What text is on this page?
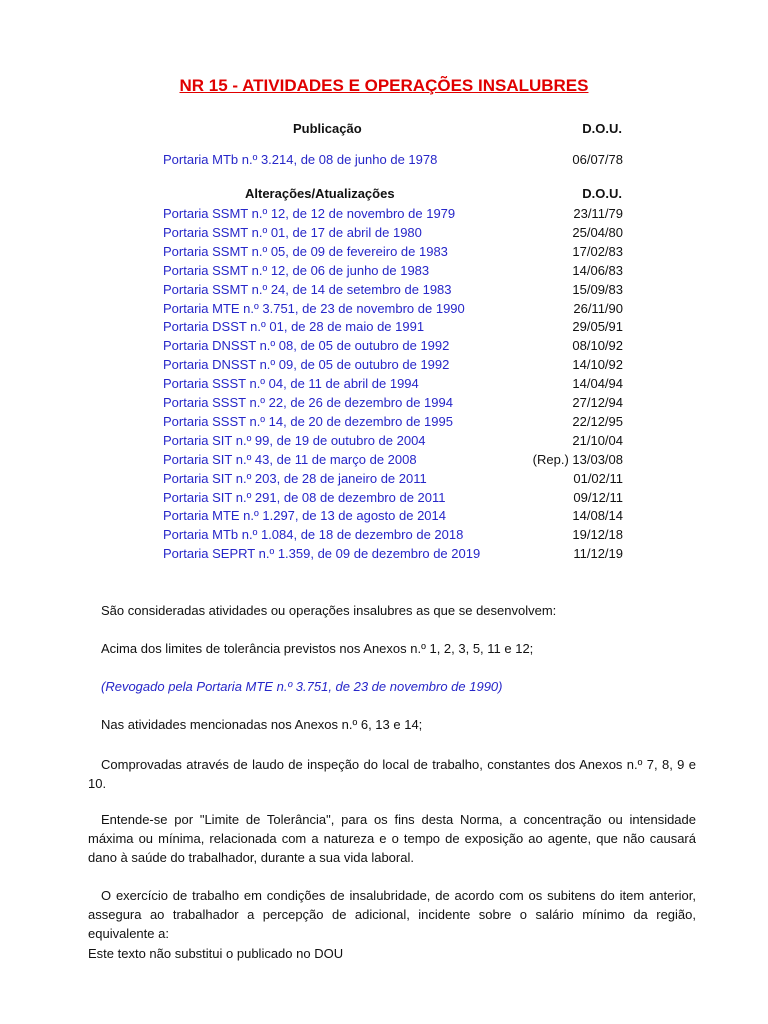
NR 15 - ATIVIDADES E OPERAÇÕES INSALUBRES
Publicação	D.O.U.
Portaria MTb n.º 3.214, de 08 de junho de 1978	06/07/78
Alterações/Atualizações	D.O.U.
Portaria SSMT n.º 12, de 12 de novembro de 1979	23/11/79
Portaria SSMT n.º 01, de 17 de abril de 1980	25/04/80
Portaria SSMT n.º 05, de 09 de fevereiro de 1983	17/02/83
Portaria SSMT n.º 12, de 06 de junho de 1983	14/06/83
Portaria SSMT n.º 24, de 14 de setembro de 1983	15/09/83
Portaria MTE n.º 3.751, de 23 de novembro de 1990	26/11/90
Portaria DSST n.º 01, de 28 de maio de 1991	29/05/91
Portaria DNSST n.º 08, de 05 de outubro de 1992	08/10/92
Portaria DNSST n.º 09, de 05 de outubro de 1992	14/10/92
Portaria SSST n.º 04, de 11 de abril de 1994	14/04/94
Portaria SSST n.º 22, de 26 de dezembro de 1994	27/12/94
Portaria SSST n.º 14, de 20 de dezembro de 1995	22/12/95
Portaria SIT n.º 99, de 19 de outubro de 2004	21/10/04
Portaria SIT n.º 43, de 11 de março de 2008	(Rep.) 13/03/08
Portaria SIT n.º 203, de 28 de janeiro de 2011	01/02/11
Portaria SIT n.º 291, de 08 de dezembro de 2011	09/12/11
Portaria MTE n.º 1.297, de 13 de agosto de 2014	14/08/14
Portaria MTb n.º 1.084, de 18 de dezembro de 2018	19/12/18
Portaria SEPRT n.º 1.359, de 09 de dezembro de 2019	11/12/19
São consideradas atividades ou operações insalubres as que se desenvolvem:
Acima dos limites de tolerância previstos nos Anexos n.º 1, 2, 3, 5, 11 e 12;
(Revogado pela Portaria MTE n.º 3.751, de 23 de novembro de 1990)
Nas atividades mencionadas nos Anexos n.º 6, 13 e 14;
Comprovadas através de laudo de inspeção do local de trabalho, constantes dos Anexos n.º 7, 8, 9 e 10.
Entende-se por "Limite de Tolerância", para os fins desta Norma, a concentração ou intensidade máxima ou mínima, relacionada com a natureza e o tempo de exposição ao agente, que não causará dano à saúde do trabalhador, durante a sua vida laboral.
O exercício de trabalho em condições de insalubridade, de acordo com os subitens do item anterior, assegura ao trabalhador a percepção de adicional, incidente sobre o salário mínimo da região, equivalente a:
Este texto não substitui o publicado no DOU
